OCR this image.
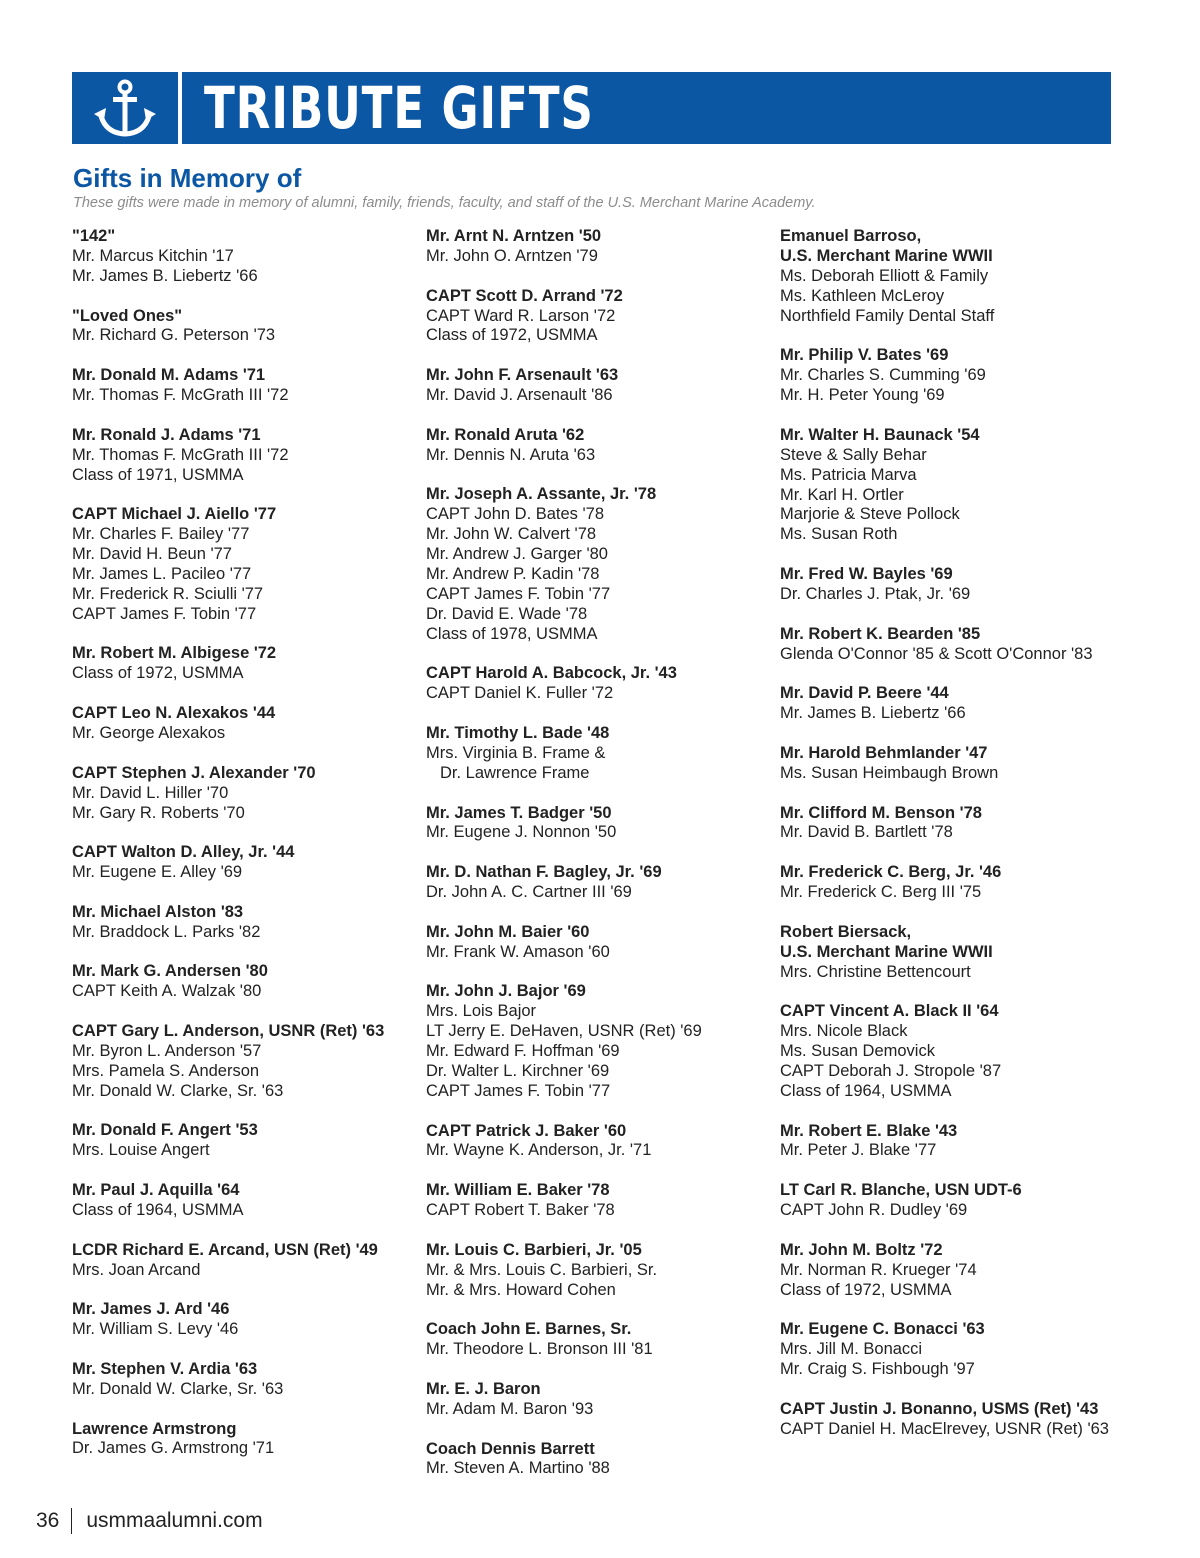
TRIBUTE GIFTS
Gifts in Memory of

These gifts were made in memory of alumni, family, friends, faculty, and staff of the U.S. Merchant Marine Academy.

"142"
Mr. Marcus Kitchin '17
Mr. James B. Liebertz '66
"Loved Ones"
Mr. Richard G. Peterson '73
Mr. Donald M. Adams '71
Mr. Thomas F. McGrath III '72
Mr. Ronald J. Adams '71
Mr. Thomas F. McGrath III '72
Class of 1971, USMMA
CAPT Michael J. Aiello '77
Mr. Charles F. Bailey '77
Mr. David H. Beun '77
Mr. James L. Pacileo '77
Mr. Frederick R. Sciulli '77
CAPT James F. Tobin '77
Mr. Robert M. Albigese '72
Class of 1972, USMMA
CAPT Leo N. Alexakos '44
Mr. George Alexakos
CAPT Stephen J. Alexander '70
Mr. David L. Hiller '70
Mr. Gary R. Roberts '70
CAPT Walton D. Alley, Jr. '44
Mr. Eugene E. Alley '69
Mr. Michael Alston '83
Mr. Braddock L. Parks '82
Mr. Mark G. Andersen '80
CAPT Keith A. Walzak '80
CAPT Gary L. Anderson, USNR (Ret) '63
Mr. Byron L. Anderson '57
Mrs. Pamela S. Anderson
Mr. Donald W. Clarke, Sr. '63
Mr. Donald F. Angert '53
Mrs. Louise Angert
Mr. Paul J. Aquilla '64
Class of 1964, USMMA
LCDR Richard E. Arcand, USN (Ret) '49
Mrs. Joan Arcand
Mr. James J. Ard '46
Mr. William S. Levy '46
Mr. Stephen V. Ardia '63
Mr. Donald W. Clarke, Sr. '63
Lawrence Armstrong
Dr. James G. Armstrong '71
Mr. Arnt N. Arntzen '50
Mr. John O. Arntzen '79
CAPT Scott D. Arrand '72
CAPT Ward R. Larson '72
Class of 1972, USMMA
Mr. John F. Arsenault '63
Mr. David J. Arsenault '86
Mr. Ronald Aruta '62
Mr. Dennis N. Aruta '63
Mr. Joseph A. Assante, Jr. '78
CAPT John D. Bates '78
Mr. John W. Calvert '78
Mr. Andrew J. Garger '80
Mr. Andrew P. Kadin '78
CAPT James F. Tobin '77
Dr. David E. Wade '78
Class of 1978, USMMA
CAPT Harold A. Babcock, Jr. '43
CAPT Daniel K. Fuller '72
Mr. Timothy L. Bade '48
Mrs. Virginia B. Frame &
Dr. Lawrence Frame
Mr. James T. Badger '50
Mr. Eugene J. Nonnon '50
Mr. D. Nathan F. Bagley, Jr. '69
Dr. John A. C. Cartner III '69
Mr. John M. Baier '60
Mr. Frank W. Amason '60
Mr. John J. Bajor '69
Mrs. Lois Bajor
LT Jerry E. DeHaven, USNR (Ret) '69
Mr. Edward F. Hoffman '69
Dr. Walter L. Kirchner '69
CAPT James F. Tobin '77
CAPT Patrick J. Baker '60
Mr. Wayne K. Anderson, Jr. '71
Mr. William E. Baker '78
CAPT Robert T. Baker '78
Mr. Louis C. Barbieri, Jr. '05
Mr. & Mrs. Louis C. Barbieri, Sr.
Mr. & Mrs. Howard Cohen
Coach John E. Barnes, Sr.
Mr. Theodore L. Bronson III '81
Mr. E. J. Baron
Mr. Adam M. Baron '93
Coach Dennis Barrett
Mr. Steven A. Martino '88
Emanuel Barroso,
U.S. Merchant Marine WWII
Ms. Deborah Elliott & Family
Ms. Kathleen McLeroy
Northfield Family Dental Staff
Mr. Philip V. Bates '69
Mr. Charles S. Cumming '69
Mr. H. Peter Young '69
Mr. Walter H. Baunack '54
Steve & Sally Behar
Ms. Patricia Marva
Mr. Karl H. Ortler
Marjorie & Steve Pollock
Ms. Susan Roth
Mr. Fred W. Bayles '69
Dr. Charles J. Ptak, Jr. '69
Mr. Robert K. Bearden '85
Glenda O'Connor '85 & Scott O'Connor '83
Mr. David P. Beere '44
Mr. James B. Liebertz '66
Mr. Harold Behmlander '47
Ms. Susan Heimbaugh Brown
Mr. Clifford M. Benson '78
Mr. David B. Bartlett '78
Mr. Frederick C. Berg, Jr. '46
Mr. Frederick C. Berg III '75
Robert Biersack,
U.S. Merchant Marine WWII
Mrs. Christine Bettencourt
CAPT Vincent A. Black II '64
Mrs. Nicole Black
Ms. Susan Demovick
CAPT Deborah J. Stropole '87
Class of 1964, USMMA
Mr. Robert E. Blake '43
Mr. Peter J. Blake '77
LT Carl R. Blanche, USN UDT-6
CAPT John R. Dudley '69
Mr. John M. Boltz '72
Mr. Norman R. Krueger '74
Class of 1972, USMMA
Mr. Eugene C. Bonacci '63
Mrs. Jill M. Bonacci
Mr. Craig S. Fishbough '97
CAPT Justin J. Bonanno, USMS (Ret) '43
CAPT Daniel H. MacElrevey, USNR (Ret) '63
36 usmmaalumni.com
